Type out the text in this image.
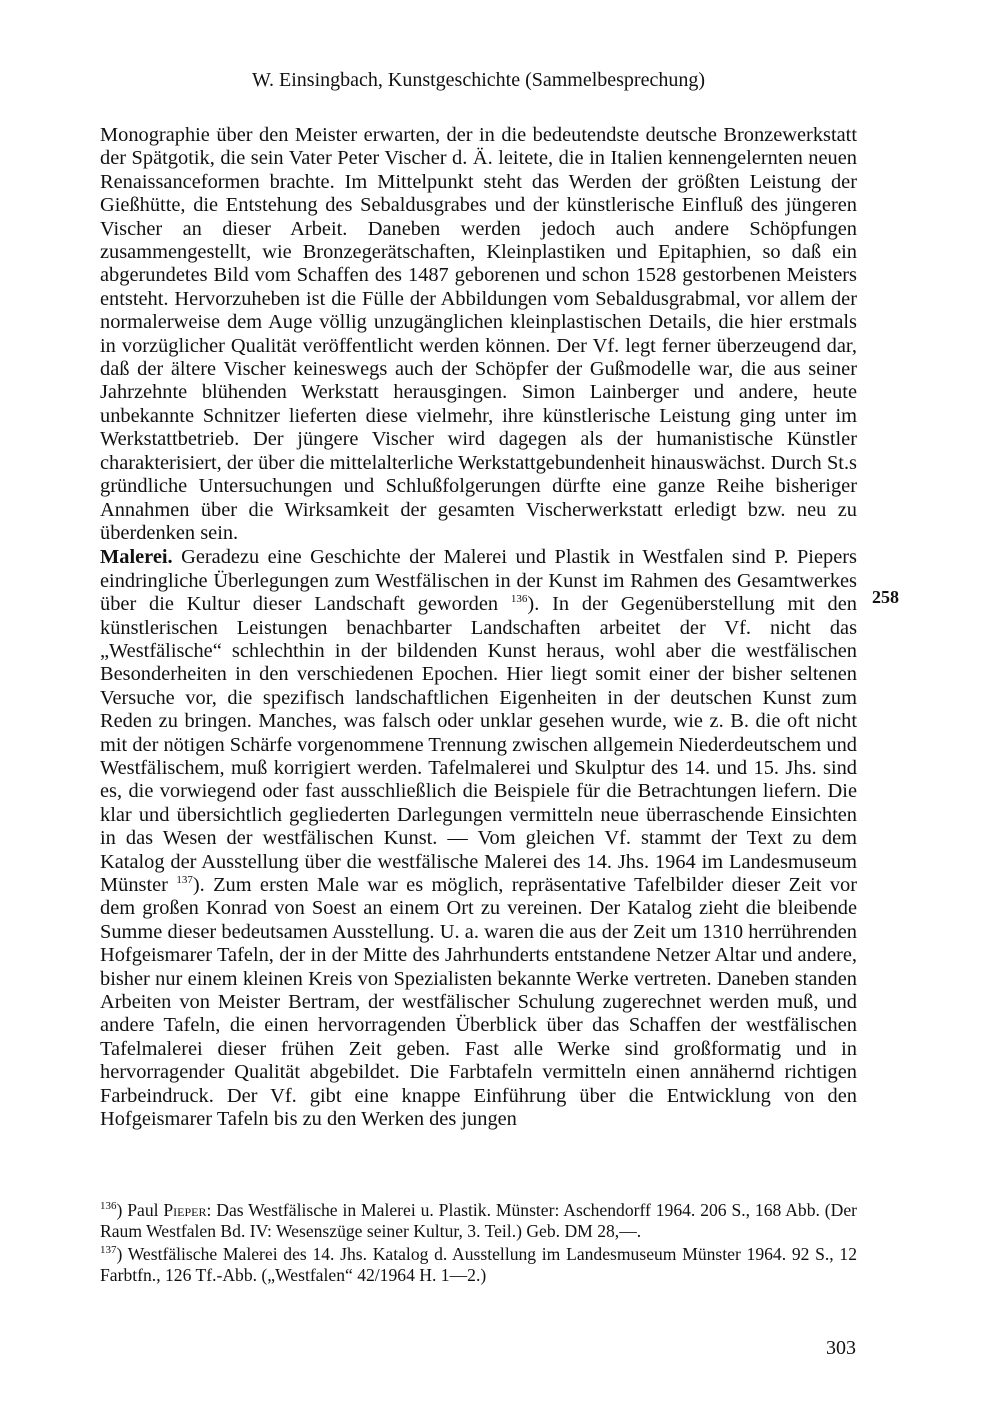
W. Einsingbach, Kunstgeschichte (Sammelbesprechung)

Monographie über den Meister erwarten, der in die bedeutendste deutsche Bronzewerkstatt der Spätgotik, die sein Vater Peter Vischer d. Ä. leitete, die in Italien kennengelernten neuen Renaissanceformen brachte. Im Mittelpunkt steht das Werden der größten Leistung der Gießhütte, die Entstehung des Sebaldusgrabes und der künstlerische Einfluß des jüngeren Vischer an dieser Arbeit. Daneben werden jedoch auch andere Schöpfungen zusammengestellt, wie Bronzegerätschaften, Kleinplastiken und Epitaphien, so daß ein abgerundetes Bild vom Schaffen des 1487 geborenen und schon 1528 gestorbenen Meisters entsteht. Hervorzuheben ist die Fülle der Abbildungen vom Sebaldusgrabmal, vor allem der normalerweise dem Auge völlig unzugänglichen kleinplastischen Details, die hier erstmals in vorzüglicher Qualität veröffentlicht werden können. Der Vf. legt ferner überzeugend dar, daß der ältere Vischer keineswegs auch der Schöpfer der Gußmodelle war, die aus seiner Jahrzehnte blühenden Werkstatt herausgingen. Simon Lainberger und andere, heute unbekannte Schnitzer lieferten diese vielmehr, ihre künstlerische Leistung ging unter im Werkstattbetrieb. Der jüngere Vischer wird dagegen als der humanistische Künstler charakterisiert, der über die mittelalterliche Werkstattgebundenheit hinauswächst. Durch St.s gründliche Untersuchungen und Schlußfolgerungen dürfte eine ganze Reihe bisheriger Annahmen über die Wirksamkeit der gesamten Vischerwerkstatt erledigt bzw. neu zu überdenken sein.

Malerei. Geradezu eine Geschichte der Malerei und Plastik in Westfalen sind P. Piepers eindringliche Überlegungen zum Westfälischen in der Kunst im Rahmen des Gesamtwerkes über die Kultur dieser Landschaft geworden $^{136}$). In der Gegenüberstellung mit den künstlerischen Leistungen benachbarter Landschaften arbeitet der Vf. nicht das „Westfälische“ schlechthin in der bildenden Kunst heraus, wohl aber die westfälischen Besonderheiten in den verschiedenen Epochen. Hier liegt somit einer der bisher seltenen Versuche vor, die spezifisch landschaftlichen Eigenheiten in der deutschen Kunst zum Reden zu bringen. Manches, was falsch oder unklar gesehen wurde, wie z. B. die oft nicht mit der nötigen Schärfe vorgenommene Trennung zwischen allgemein Niederdeutschem und Westfälischem, muß korrigiert werden. Tafelmalerei und Skulptur des 14. und 15. Jhs. sind es, die vorwiegend oder fast ausschließlich die Beispiele für die Betrachtungen liefern. Die klar und übersichtlich gegliederten Darlegungen vermitteln neue überraschende Einsichten in das Wesen der westfälischen Kunst. — Vom gleichen Vf. stammt der Text zu dem Katalog der Ausstellung über die westfälische Malerei des 14. Jhs. 1964 im Landesmuseum Münster $^{137}$). Zum ersten Male war es möglich, repräsentative Tafelbilder dieser Zeit vor dem großen Konrad von Soest an einem Ort zu vereinen. Der Katalog zieht die bleibende Summe dieser bedeutsamen Ausstellung. U. a. waren die aus der Zeit um 1310 herrührenden Hofgeismarer Tafeln, der in der Mitte des Jahrhunderts entstandene Netzer Altar und andere, bisher nur einem kleinen Kreis von Spezialisten bekannte Werke vertreten. Daneben standen Arbeiten von Meister Bertram, der westfälischer Schulung zugerechnet werden muß, und andere Tafeln, die einen hervorragenden Überblick über das Schaffen der westfälischen Tafelmalerei dieser frühen Zeit geben. Fast alle Werke sind großformatig und in hervorragender Qualität abgebildet. Die Farbtafeln vermitteln einen annähernd richtigen Farbeindruck. Der Vf. gibt eine knappe Einführung über die Entwicklung von den Hofgeismarer Tafeln bis zu den Werken des jungen

258

$^{136}$) Paul Pieper: Das Westfälische in Malerei u. Plastik. Münster: Aschendorff 1964. 206 S., 168 Abb. (Der Raum Westfalen Bd. IV: Wesenszüge seiner Kultur, 3. Teil.) Geb. DM 28,—.

$^{137}$) Westfälische Malerei des 14. Jhs. Katalog d. Ausstellung im Landesmuseum Münster 1964. 92 S., 12 Farbtfn., 126 Tf.-Abb. („Westfalen“ 42/1964 H. 1—2.)

303
